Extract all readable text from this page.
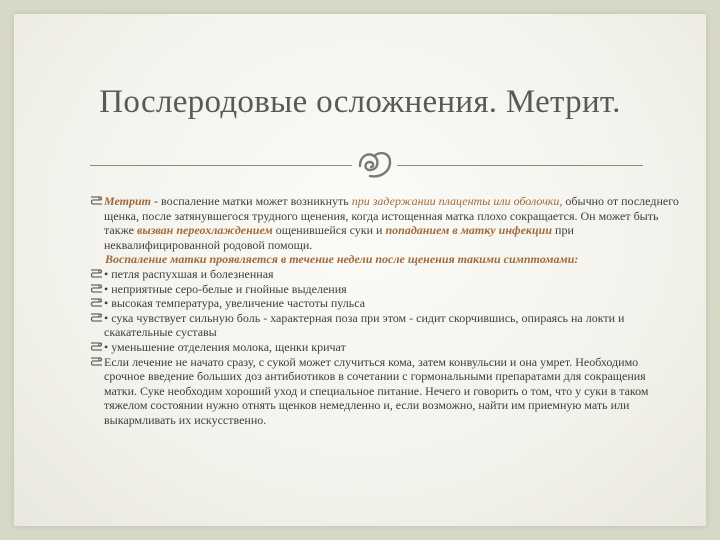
Послеродовые осложнения. Метрит.
Метрит - воспаление матки может возникнуть при задержании плаценты или оболочки, обычно от последнего щенка, после затянувшегося трудного щенения, когда истощенная матка плохо сокращается. Он может быть также вызван переохлаждением ощенившейся суки и попаданием в матку инфекции при неквалифицированной родовой помощи.
Воспаление матки проявляется в течение недели после щенения такими симптомами:
• петля распухшая и болезненная
• неприятные серо-белые и гнойные выделения
• высокая температура, увеличение частоты пульса
• сука чувствует сильную боль - характерная поза при этом - сидит скорчившись, опираясь на локти и скакательные суставы
• уменьшение отделения молока, щенки кричат
Если лечение не начато сразу, с сукой может случиться кома, затем конвульсии и она умрет. Необходимо срочное введение больших доз антибиотиков в сочетании с гормональными препаратами для сокращения матки. Суке необходим хороший уход и специальное питание. Нечего и говорить о том, что у суки в таком тяжелом состоянии нужно отнять щенков немедленно и, если возможно, найти им приемную мать или выкармливать их искусственно.
